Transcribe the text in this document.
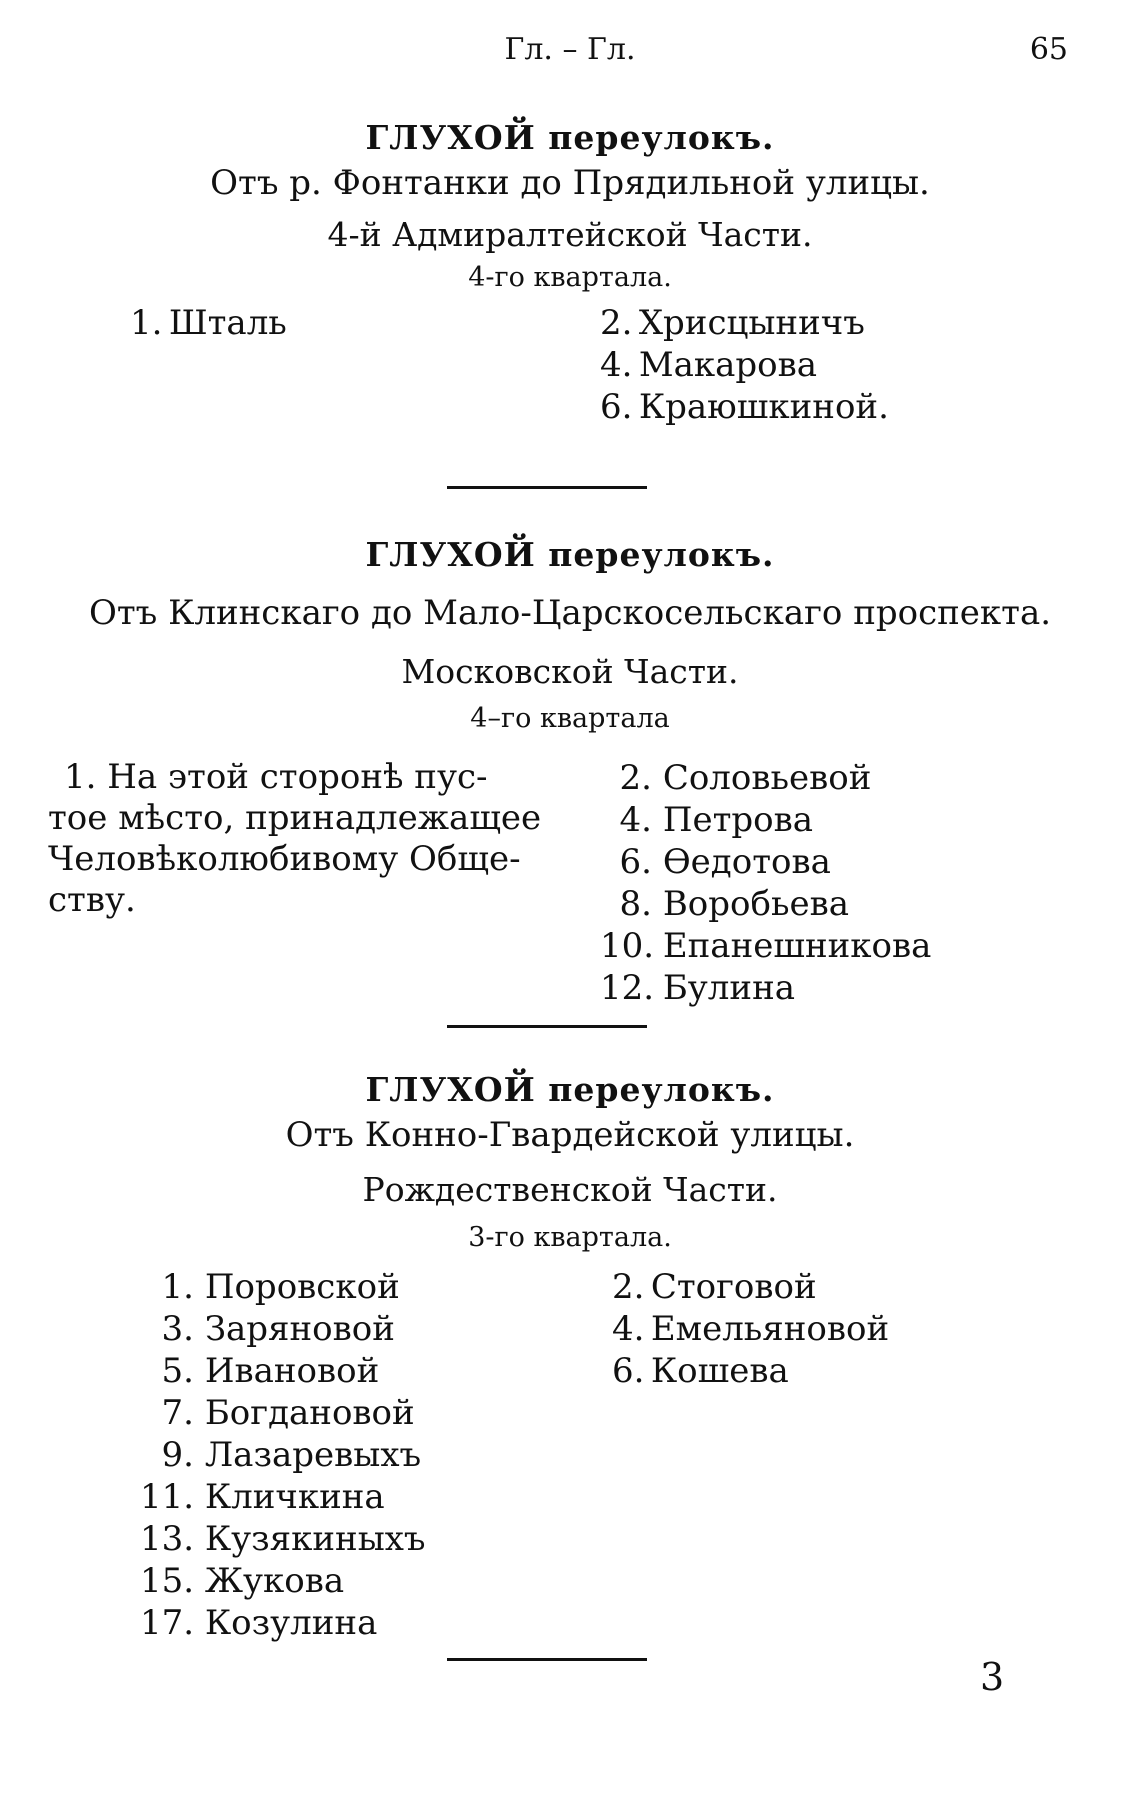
Гл. – Гл.	65
ГЛУХОЙ переулокъ.
Отъ р. Фонтанки до Прядильной улицы.
4-й Адмиралтейской Части.
4-го квартала.
1. Шталь	2. Хрисцыничъ
4. Макарова
6. Краюшкиной.
ГЛУХОЙ переулокъ.
Отъ Клинскаго до Мало-Царскосельскаго проспекта.
Московской Части.
4–го квартала
1. На этой сторонѣ пус-
тое мѣсто, принадлежащее
Человѣколюбивому Обще-
ству.
2. Соловьевой
4. Петрова
6. Ѳедотова
8. Воробьева
10. Епанешникова
12. Булина
ГЛУХОЙ переулокъ.
Отъ Конно-Гвардейской улицы.
Рождественской Части.
3-го квартала.
1. Поровской
3. Заряновой
5. Ивановой
7. Богдановой
9. Лазаревыхъ
11. Кличкина
13. Кузякиныхъ
15. Жукова
17. Козулина
2. Стоговой
4. Емельяновой
6. Кошева
3
